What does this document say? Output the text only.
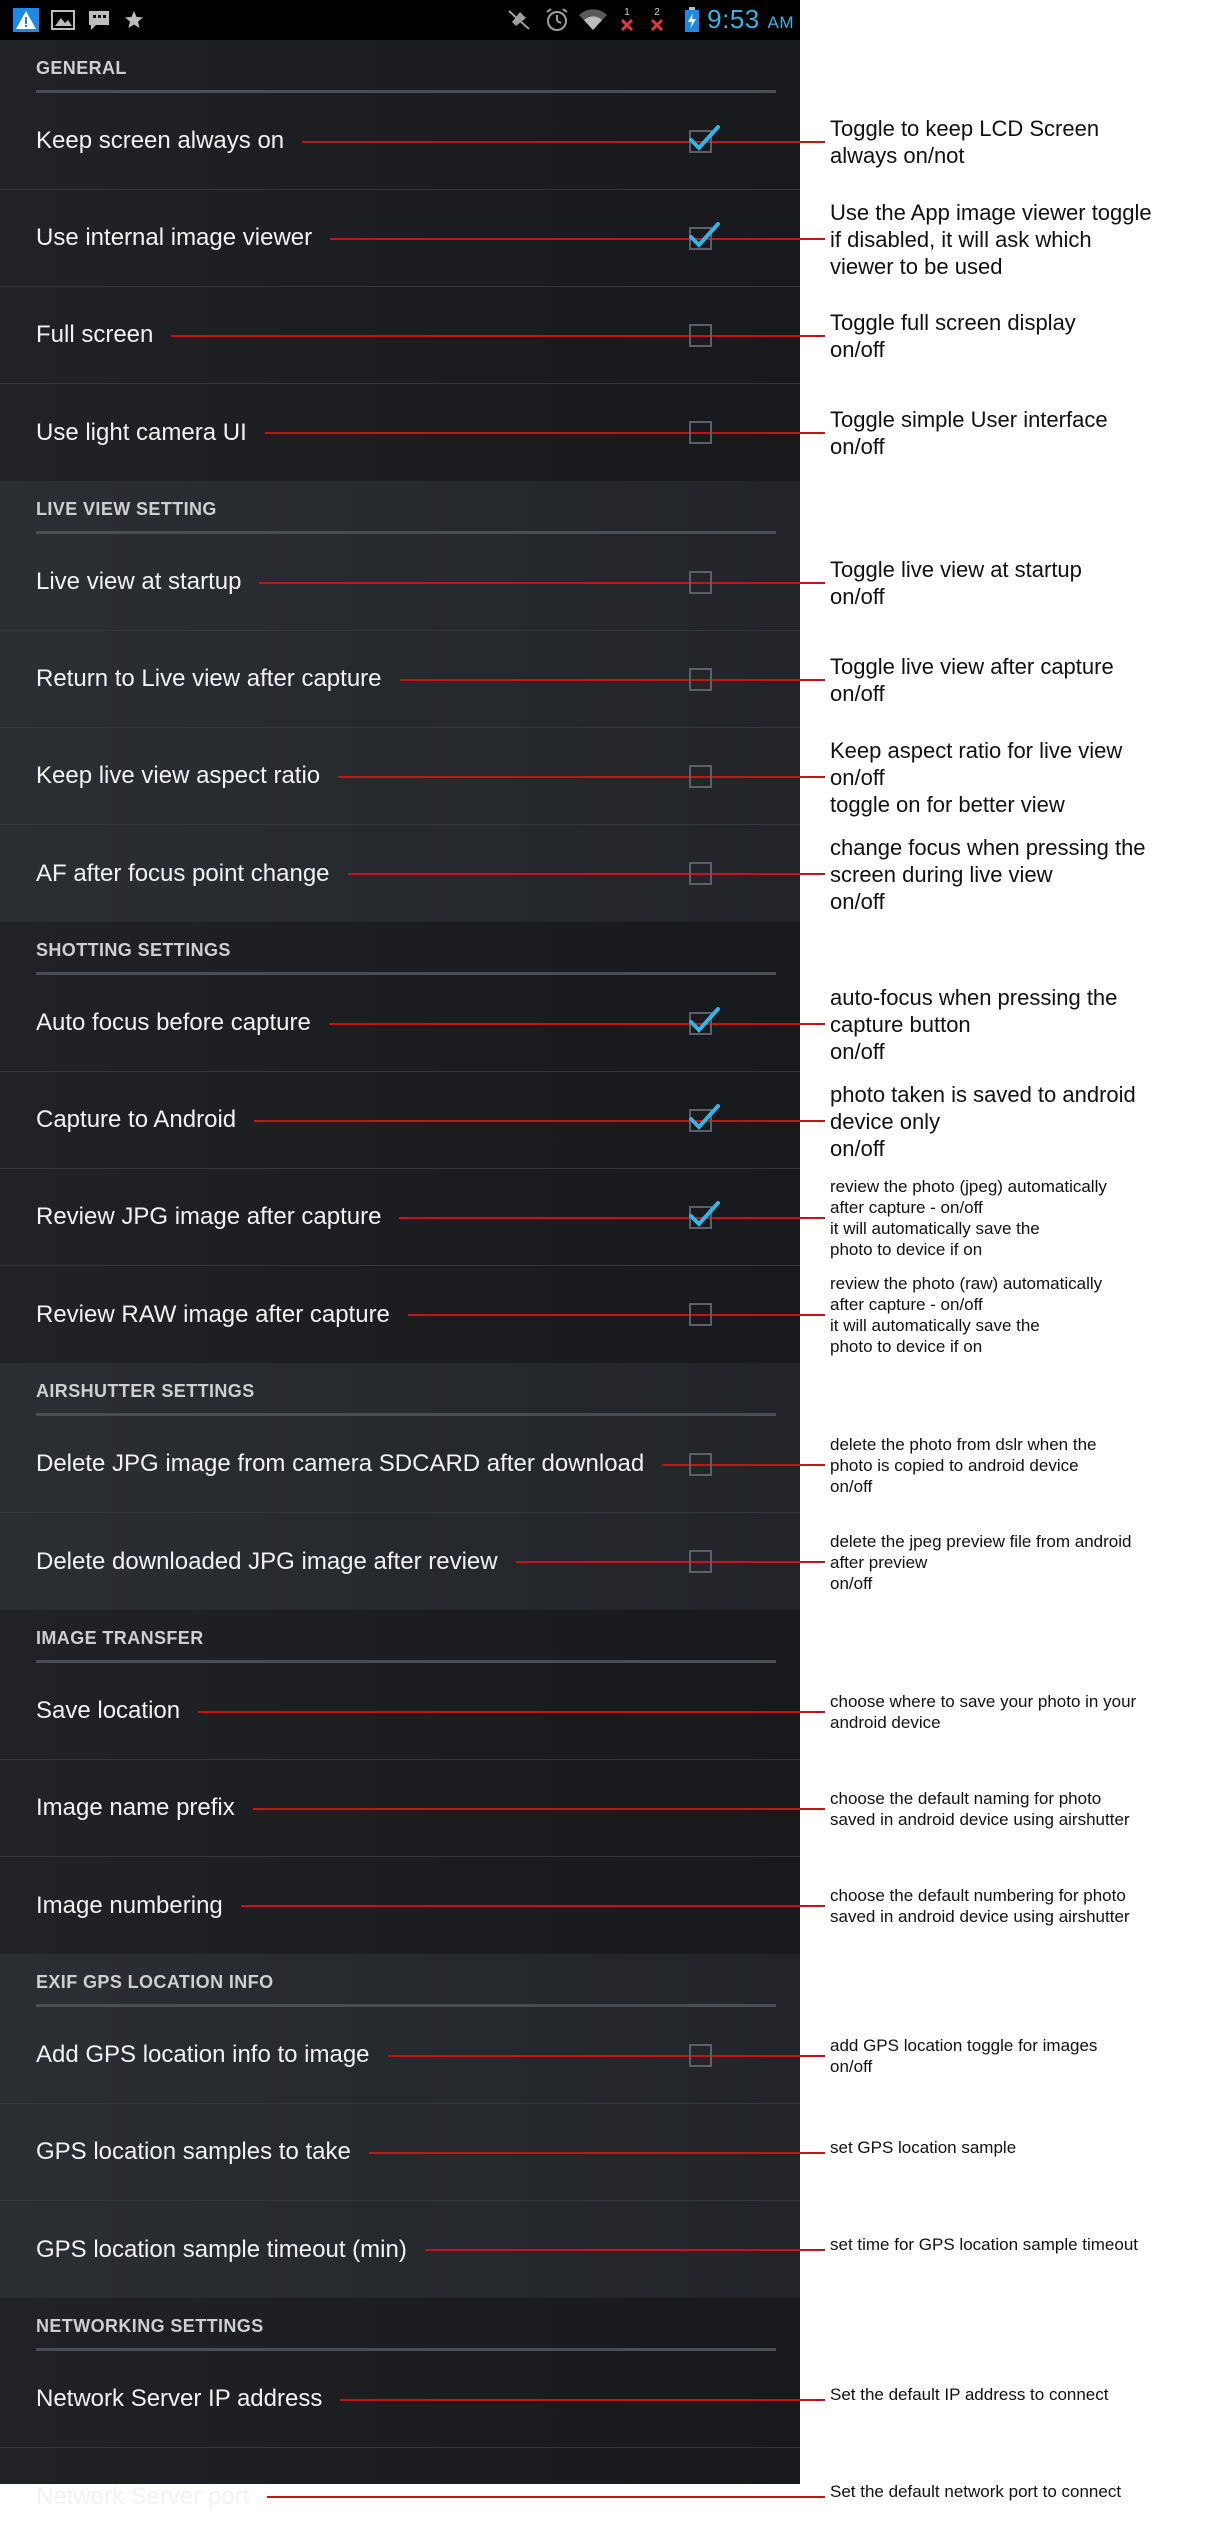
1 2 9:53 AM
GENERAL
Keep screen always on
Use internal image viewer
Full screen
Use light camera UI
LIVE VIEW SETTING
Live view at startup
Return to Live view after capture
Keep live view aspect ratio
AF after focus point change
SHOTTING SETTINGS
Auto focus before capture
Capture to Android
Review JPG image after capture
Review RAW image after capture
AIRSHUTTER SETTINGS
Delete JPG image from camera SDCARD after download
Delete downloaded JPG image after review
IMAGE TRANSFER
Save location
Image name prefix
Image numbering
EXIF GPS LOCATION INFO
Add GPS location info to image
GPS location samples to take
GPS location sample timeout (min)
NETWORKING SETTINGS
Network Server IP address
Network Server port
Toggle to keep LCD Screen
always on/not
Use the App image viewer toggle
if disabled, it will ask which
viewer to be used
Toggle full screen display
on/off
Toggle simple User interface
on/off
Toggle live view at startup
on/off
Toggle live view after capture
on/off
Keep aspect ratio for live view
on/off
toggle on for better view
change focus when pressing the
screen during live view
on/off
auto-focus when pressing the
capture button
on/off
photo taken is saved to android
device only
on/off
review the photo (jpeg) automatically
after capture - on/off
it will automatically save the
photo to device if on
review the photo (raw) automatically
after capture - on/off
it will automatically save the
photo to device if on
delete the photo from dslr when the
photo is copied to android device
on/off
delete the jpeg preview file from android
after preview
on/off
choose where to save your photo in your
android device
choose the default naming for photo
saved in android device using airshutter
choose the default numbering for photo
saved in android device using airshutter
add GPS location toggle for images
on/off
set GPS location sample
set time for GPS location sample timeout
Set the default IP address to connect
Set the default network port to connect
